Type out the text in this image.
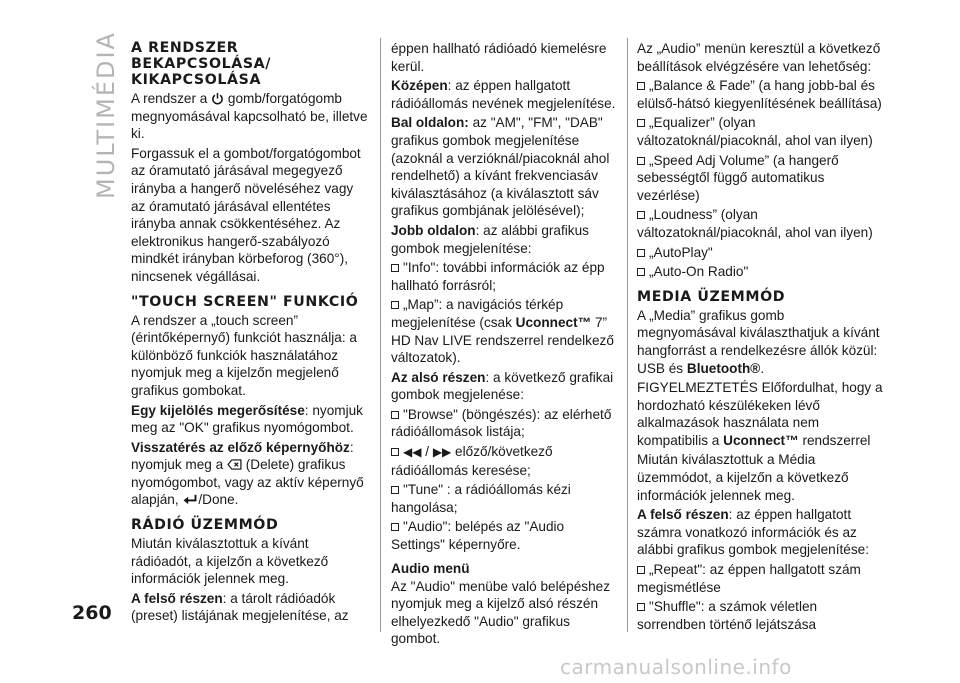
MULTIMÉDIA
260
A RENDSZER BEKAPCSOLÁSA/ KIKAPCSOLÁSA

A rendszer a gomb/forgatógomb megnyomásával kapcsolható be, illetve ki.

Forgassuk el a gombot/forgatógombot az óramutató járásával megegyező irányba a hangerő növeléséhez vagy az óramutató járásával ellentétes irányba annak csökkentéséhez. Az elektronikus hangerő-szabályozó mindkét irányban körbeforog (360°), nincsenek végállásai.

"TOUCH SCREEN" FUNKCIÓ

A rendszer a „touch screen” (érintőképernyő) funkciót használja: a különböző funkciók használatához nyomjuk meg a kijelzőn megjelenő grafikus gombokat.

Egy kijelölés megerősítése: nyomjuk meg az "OK" grafikus nyomógombot.

Visszatérés az előző képernyőhöz: nyomjuk meg a (Delete) grafikus nyomógombot, vagy az aktív képernyő alapján, /Done.

RÁDIÓ ÜZEMMÓD

Miután kiválasztottuk a kívánt rádióadót, a kijelzőn a következő információk jelennek meg.

A felső részen: a tárolt rádióadók (preset) listájának megjelenítése, az

éppen hallható rádióadó kiemelésre kerül.

Középen: az éppen hallgatott rádióállomás nevének megjelenítése.

Bal oldalon: az "AM", "FM", "DAB" grafikus gombok megjelenítése (azoknál a verzióknál/piacoknál ahol rendelhető) a kívánt frekvenciasáv kiválasztásához (a kiválasztott sáv grafikus gombjának jelölésével);

Jobb oldalon: az alábbi grafikus gombok megjelenítése:

"Info": további információk az épp hallható forrásról;

„Map”: a navigációs térkép megjelenítése (csak Uconnect™ 7” HD Nav LIVE rendszerrel rendelkező változatok).

Az alsó részen: a következő grafikai gombok megjelenése:

"Browse" (böngészés): az elérhető rádióállomások listája;

◀◀ / ▶▶ előző/következő rádióállomás keresése;

"Tune" : a rádióállomás kézi hangolása;

"Audio": belépés az "Audio Settings" képernyőre.

Audio menü

Az "Audio" menübe való belépéshez nyomjuk meg a kijelző alsó részén elhelyezkedő "Audio" grafikus gombot.

Az „Audio” menün keresztül a következő beállítások elvégzésére van lehetőség:

„Balance & Fade” (a hang jobb-bal és elülső-hátsó kiegyenlítésének beállítása)

„Equalizer” (olyan változatoknál/piacoknál, ahol van ilyen)

„Speed Adj Volume” (a hangerő sebességtől függő automatikus vezérlése)

„Loudness” (olyan változatoknál/piacoknál, ahol van ilyen)

„AutoPlay"

„Auto-On Radio"

MEDIA ÜZEMMÓD

A „Media” grafikus gomb megnyomásával kiválaszthatjuk a kívánt hangforrást a rendelkezésre állók közül: USB és Bluetooth®.

FIGYELMEZTETÉS Előfordulhat, hogy a hordozható készülékeken lévő alkalmazások használata nem kompatibilis a Uconnect™ rendszerrel

Miután kiválasztottuk a Média üzemmódot, a kijelzőn a következő információk jelennek meg.

A felső részen: az éppen hallgatott számra vonatkozó információk és az alábbi grafikus gombok megjelenítése:

„Repeat": az éppen hallgatott szám megismétlése

"Shuffle": a számok véletlen sorrendben történő lejátszása

carmanualsonline.info
